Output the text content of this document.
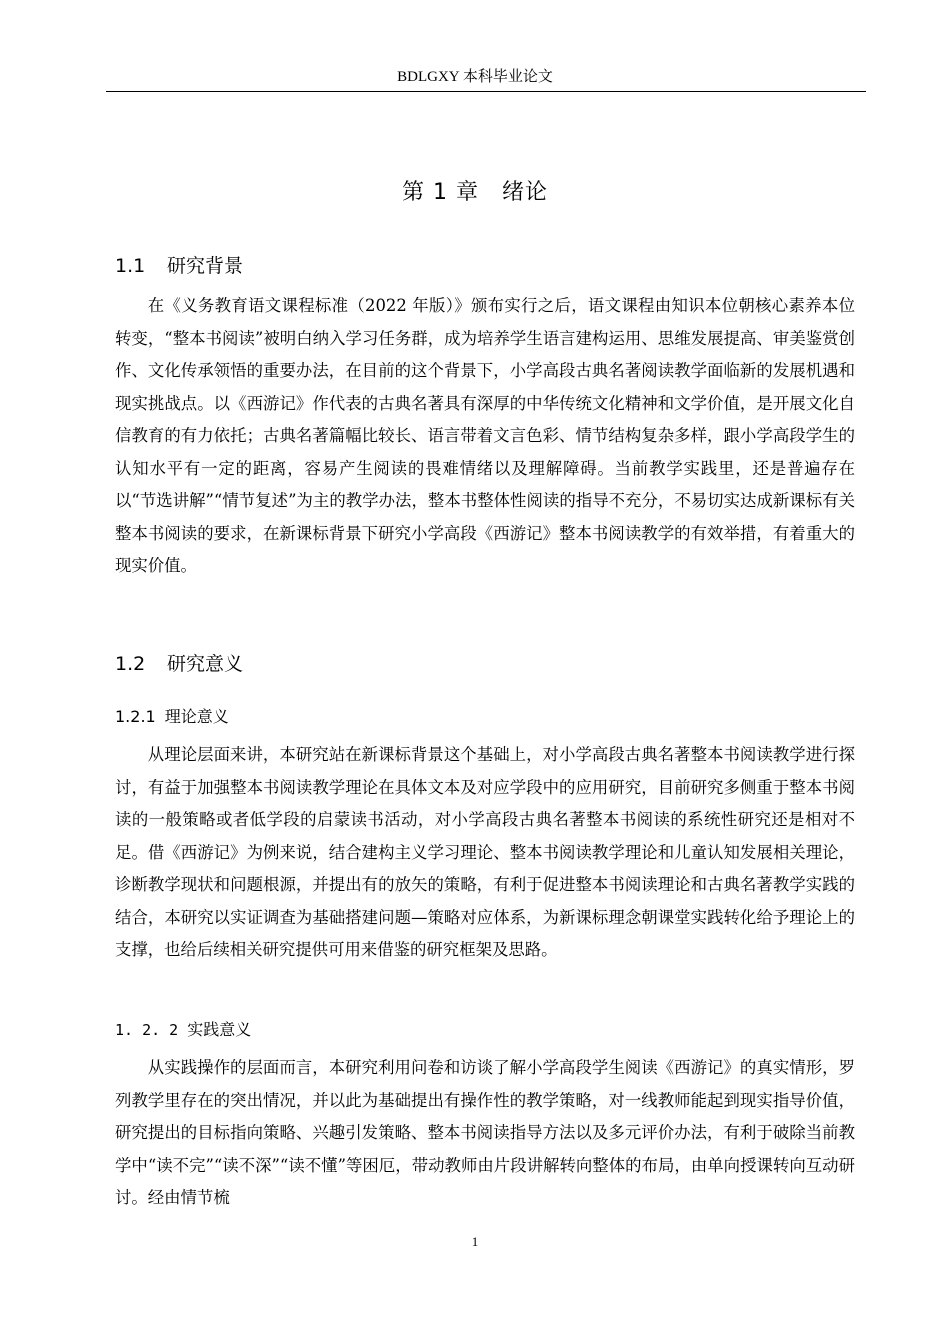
BDLGXY 本科毕业论文
第 1 章　绪论
1.1 研究背景
在《义务教育语文课程标准（2022 年版）》颁布实行之后，语文课程由知识本位朝核心素养本位转变，“整本书阅读”被明白纳入学习任务群，成为培养学生语言建构运用、思维发展提高、审美鉴赏创作、文化传承领悟的重要办法，在目前的这个背景下，小学高段古典名著阅读教学面临新的发展机遇和现实挑战点。以《西游记》作代表的古典名著具有深厚的中华传统文化精神和文学价值，是开展文化自信教育的有力依托；古典名著篇幅比较长、语言带着文言色彩、情节结构复杂多样，跟小学高段学生的认知水平有一定的距离，容易产生阅读的畏难情绪以及理解障碍。当前教学实践里，还是普遍存在以“节选讲解”“情节复述”为主的教学办法，整本书整体性阅读的指导不充分，不易切实达成新课标有关整本书阅读的要求，在新课标背景下研究小学高段《西游记》整本书阅读教学的有效举措，有着重大的现实价值。
1.2 研究意义
1.2.1 理论意义
从理论层面来讲，本研究站在新课标背景这个基础上，对小学高段古典名著整本书阅读教学进行探讨，有益于加强整本书阅读教学理论在具体文本及对应学段中的应用研究，目前研究多侧重于整本书阅读的一般策略或者低学段的启蒙读书活动，对小学高段古典名著整本书阅读的系统性研究还是相对不足。借《西游记》为例来说，结合建构主义学习理论、整本书阅读教学理论和儿童认知发展相关理论，诊断教学现状和问题根源，并提出有的放矢的策略，有利于促进整本书阅读理论和古典名著教学实践的结合，本研究以实证调查为基础搭建问题—策略对应体系，为新课标理念朝课堂实践转化给予理论上的支撑，也给后续相关研究提供可用来借鉴的研究框架及思路。
1. 2. 2 实践意义
从实践操作的层面而言，本研究利用问卷和访谈了解小学高段学生阅读《西游记》的真实情形，罗列教学里存在的突出情况，并以此为基础提出有操作性的教学策略，对一线教师能起到现实指导价值，研究提出的目标指向策略、兴趣引发策略、整本书阅读指导方法以及多元评价办法，有利于破除当前教学中“读不完”“读不深”“读不懂”等困厄，带动教师由片段讲解转向整体的布局，由单向授课转向互动研讨。经由情节梳
1
